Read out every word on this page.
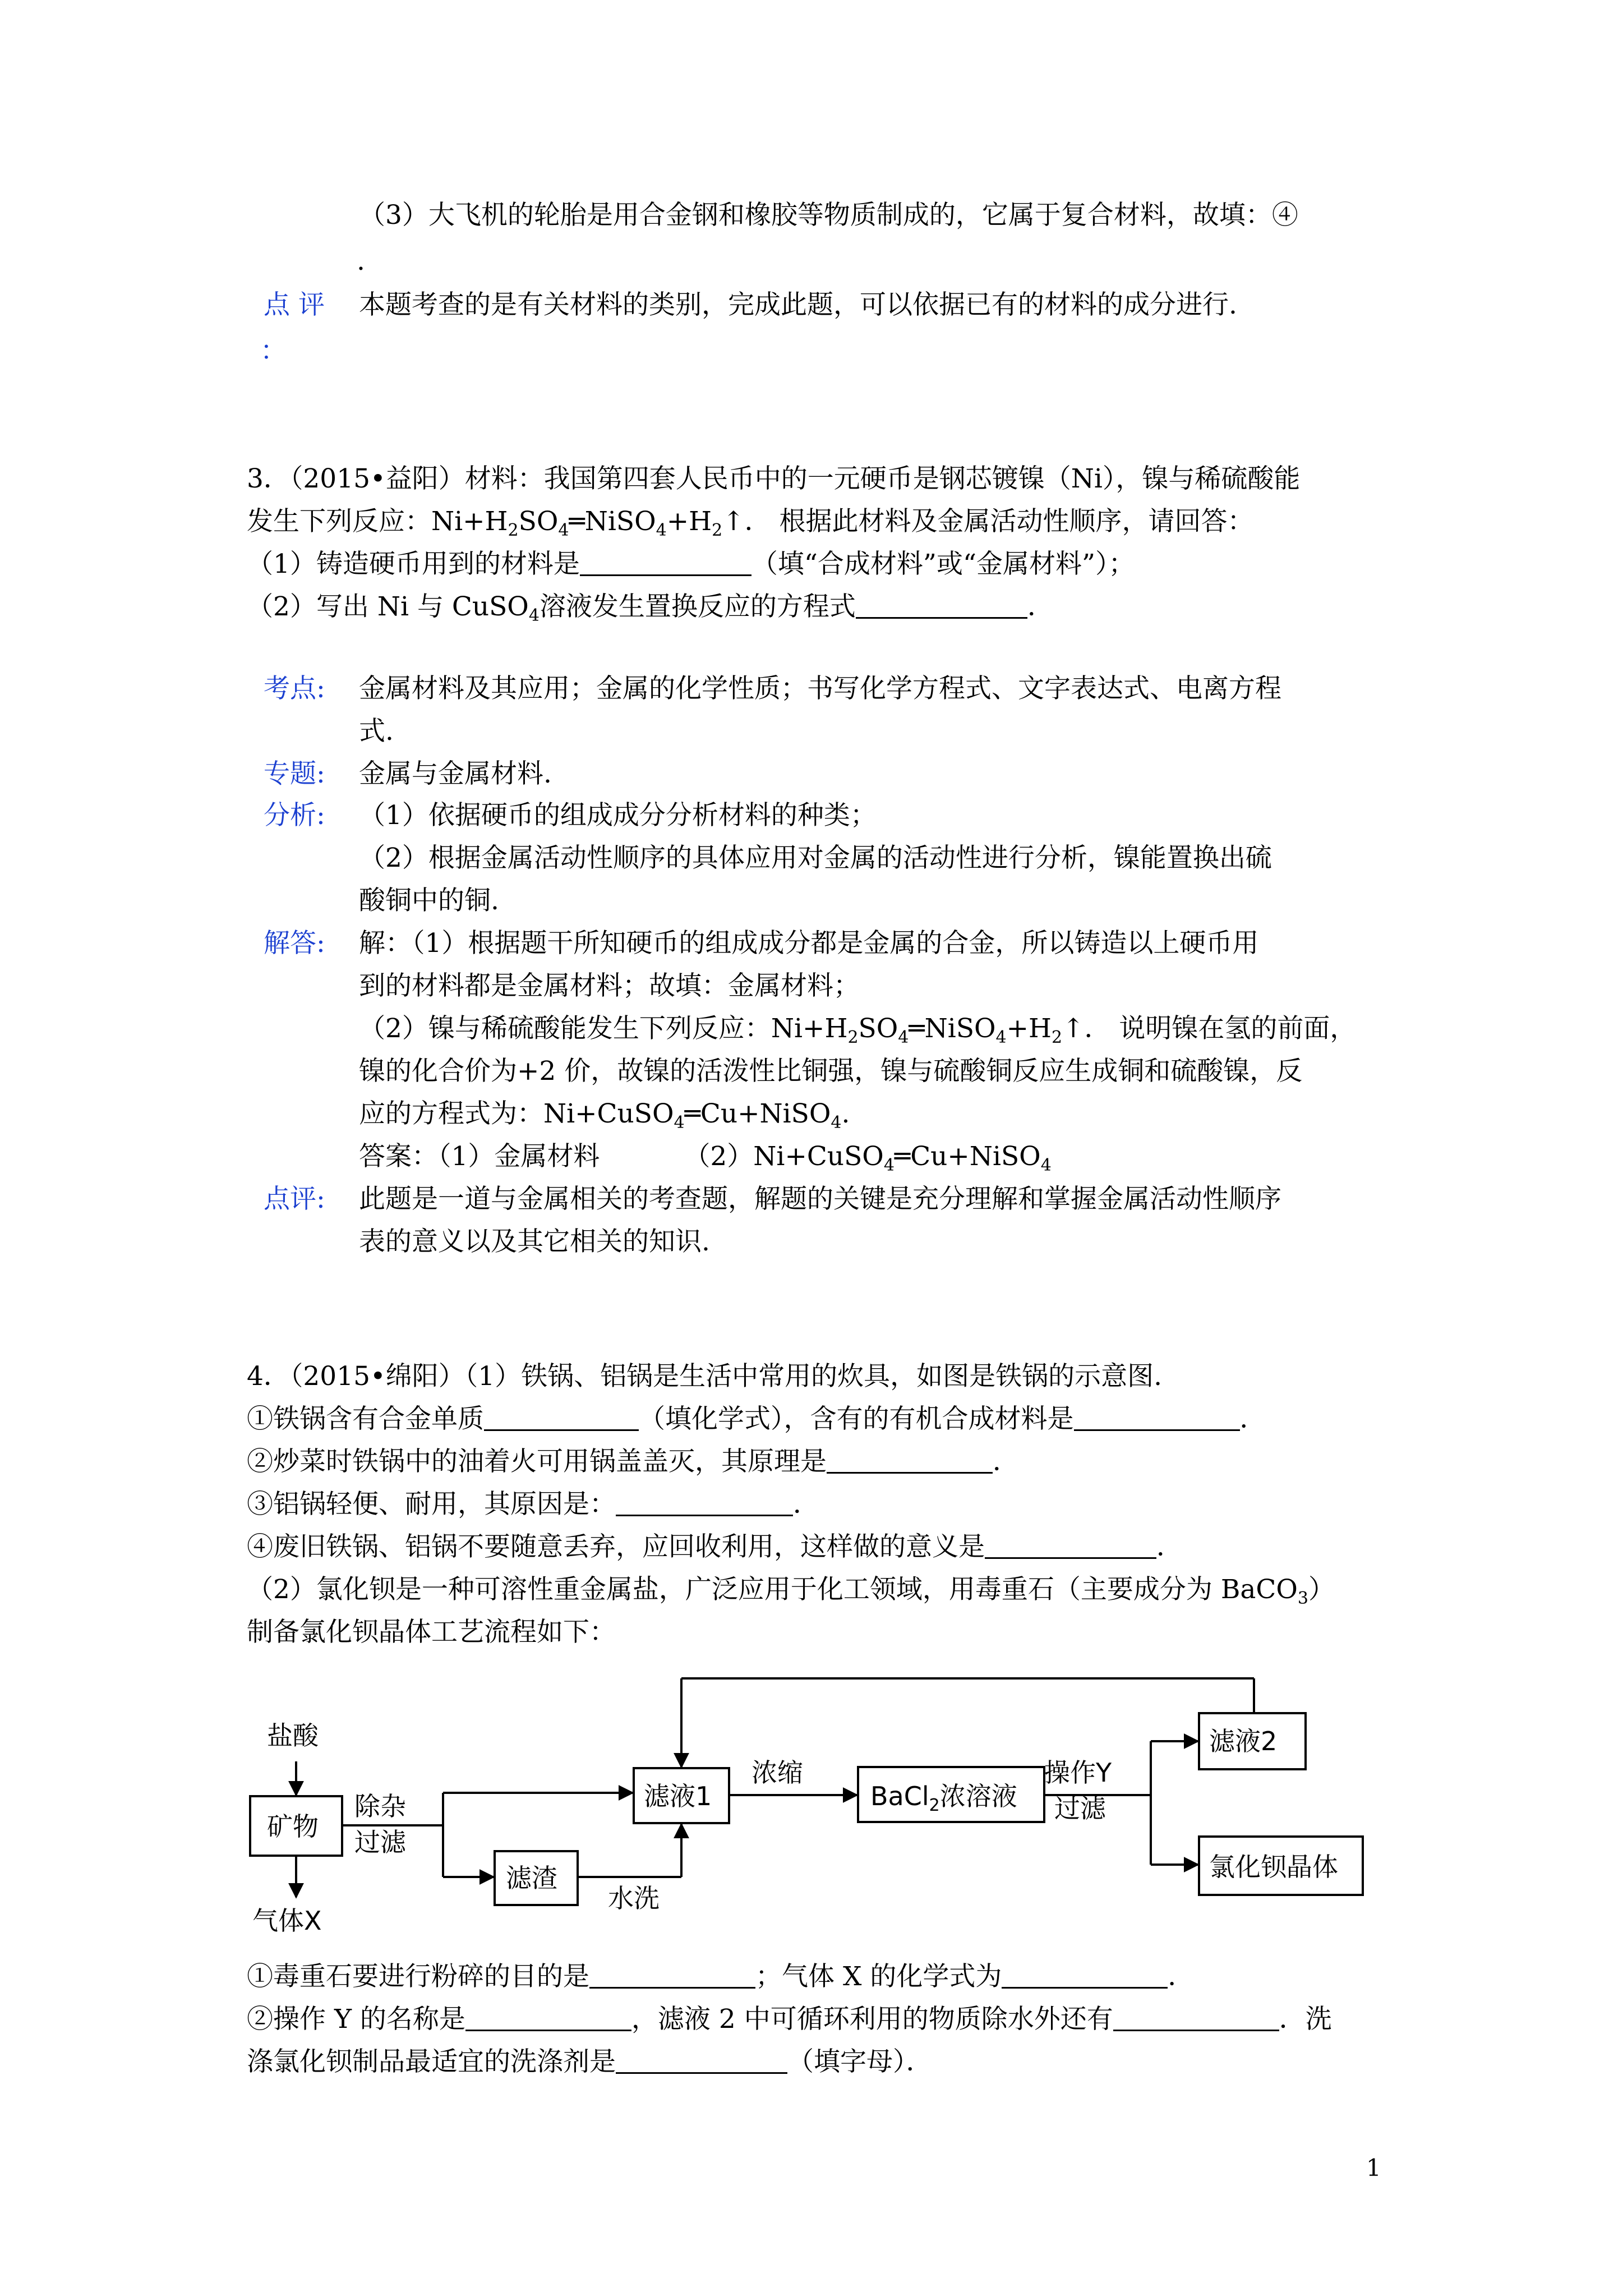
（3）大飞机的轮胎是用合金钢和橡胶等物质制成的，它属于复合材料，故填：④
.
点 评
：
本题考查的是有关材料的类别，完成此题，可以依据已有的材料的成分进行.
3．（2015•益阳）材料：我国第四套人民币中的一元硬币是钢芯镀镍（Ni），镍与稀硫酸能
发生下列反应：$Ni+H_2SO_4═NiSO_4+H_2↑$． 根据此材料及金属活动性顺序，请回答：
（1）铸造硬币用到的材料是	（填“合成材料”或“金属材料”）；
（2）写出 Ni 与 CuSO$_4$溶液发生置换反应的方程式	．
考点: 金属材料及其应用；金属的化学性质；书写化学方程式、文字表达式、电离方程
式.
专题: 金属与金属材料.
分析: （1）依据硬币的组成成分分析材料的种类；
（2）根据金属活动性顺序的具体应用对金属的活动性进行分析，镍能置换出硫
酸铜中的铜.
解答: 解：（1）根据题干所知硬币的组成成分都是金属的合金，所以铸造以上硬币用
到的材料都是金属材料；故填：金属材料；
（2）镍与稀硫酸能发生下列反应：$Ni+H_2SO_4═NiSO_4+H_2↑$． 说明镍在氢的前面，
镍的化合价为+2 价，故镍的活泼性比铜强，镍与硫酸铜反应生成铜和硫酸镍，反
应的方程式为：Ni+CuSO$_4$═Cu+NiSO$_4$.
答案：（1）金属材料	（2）Ni+CuSO$_4$═Cu+NiSO$_4$
点评: 此题是一道与金属相关的考查题，解题的关键是充分理解和掌握金属活动性顺序
表的意义以及其它相关的知识.
4．（2015•绵阳）（1）铁锅、铝锅是生活中常用的炊具，如图是铁锅的示意图.
①铁锅含有合金单质	（填化学式），含有的有机合成材料是	．
②炒菜时铁锅中的油着火可用锅盖盖灭，其原理是	．
③铝锅轻便、耐用，其原因是：	．
④废旧铁锅、铝锅不要随意丢弃，应回收利用，这样做的意义是	．
（2）氯化钡是一种可溶性重金属盐，广泛应用于化工领域，用毒重石（主要成分为 BaCO$_3$）
制备氯化钡晶体工艺流程如下：
盐酸
矿物
气体X
除杂
过滤
滤液1
滤渣
水洗
浓缩
BaCl$_2$浓溶液
操作Y
过滤
滤液2
氯化钡晶体
①毒重石要进行粉碎的目的是	；气体 X 的化学式为	．
②操作 Y 的名称是	，滤液 2 中可循环利用的物质除水外还有	．洗
涤氯化钡制品最适宜的洗涤剂是	（填字母）．
1
